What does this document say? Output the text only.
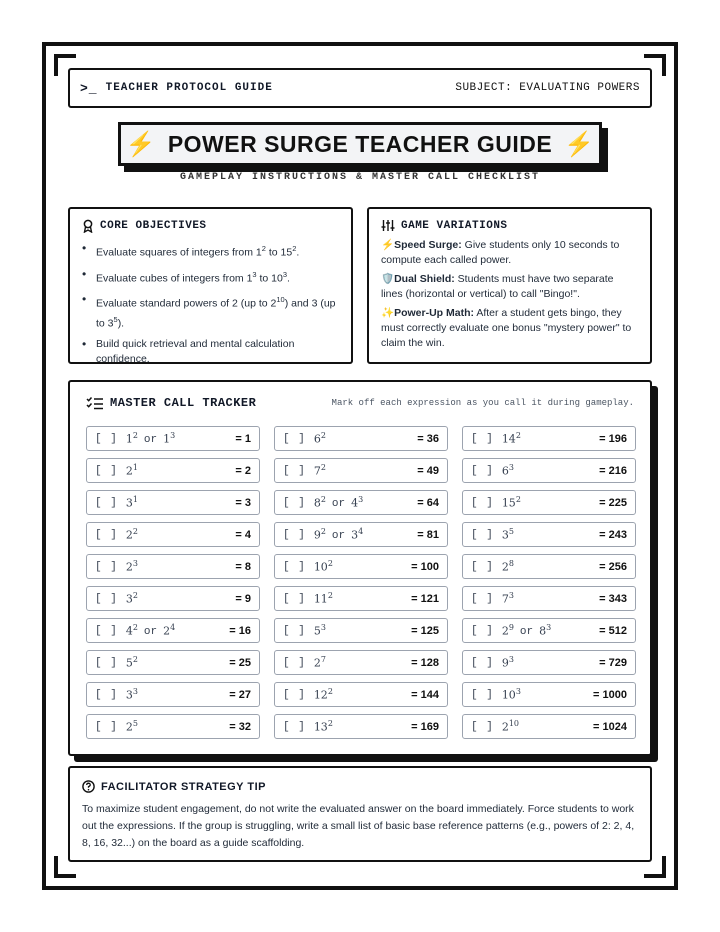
>_ TEACHER PROTOCOL GUIDE	SUBJECT: EVALUATING POWERS
⚡ POWER SURGE TEACHER GUIDE ⚡
GAMEPLAY INSTRUCTIONS & MASTER CALL CHECKLIST
CORE OBJECTIVES
• Evaluate squares of integers from $1^2$ to $15^2$.
• Evaluate cubes of integers from $1^3$ to $10^3$.
• Evaluate standard powers of 2 (up to $2^{10}$) and 3 (up to $3^5$).
• Build quick retrieval and mental calculation confidence.
GAME VARIATIONS

⚡Speed Surge: Give students only 10 seconds to compute each called power.

🛡️Dual Shield: Students must have two separate lines (horizontal or vertical) to call "Bingo!".

✨Power-Up Math: After a student gets bingo, they must correctly evaluate one bonus "mystery power" to claim the win.

MASTER CALL TRACKER	Mark off each expression as you call it during gameplay.
[ ] $1^2$ or $1^3$	= 1	[ ] $6^2$	= 36	[ ] $14^2$	= 196
[ ] $2^1$	= 2	[ ] $7^2$	= 49	[ ] $6^3$	= 216
[ ] $3^1$	= 3	[ ] $8^2$ or $4^3$	= 64	[ ] $15^2$	= 225
[ ] $2^2$	= 4	[ ] $9^2$ or $3^4$	= 81	[ ] $3^5$	= 243
[ ] $2^3$	= 8	[ ] $10^2$	= 100	[ ] $2^8$	= 256
[ ] $3^2$	= 9	[ ] $11^2$	= 121	[ ] $7^3$	= 343
[ ] $4^2$ or $2^4$	= 16	[ ] $5^3$	= 125	[ ] $2^9$ or $8^3$	= 512
[ ] $5^2$	= 25	[ ] $2^7$	= 128	[ ] $9^3$	= 729
[ ] $3^3$	= 27	[ ] $12^2$	= 144	[ ] $10^3$	= 1000
[ ] $2^5$	= 32	[ ] $13^2$	= 169	[ ] $2^{10}$	= 1024
FACILITATOR STRATEGY TIP

To maximize student engagement, do not write the evaluated answer on the board immediately. Force students to work out the expressions. If the group is struggling, write a small list of basic base reference patterns (e.g., powers of 2: 2, 4, 8, 16, 32...) on the board as a guide scaffolding.
